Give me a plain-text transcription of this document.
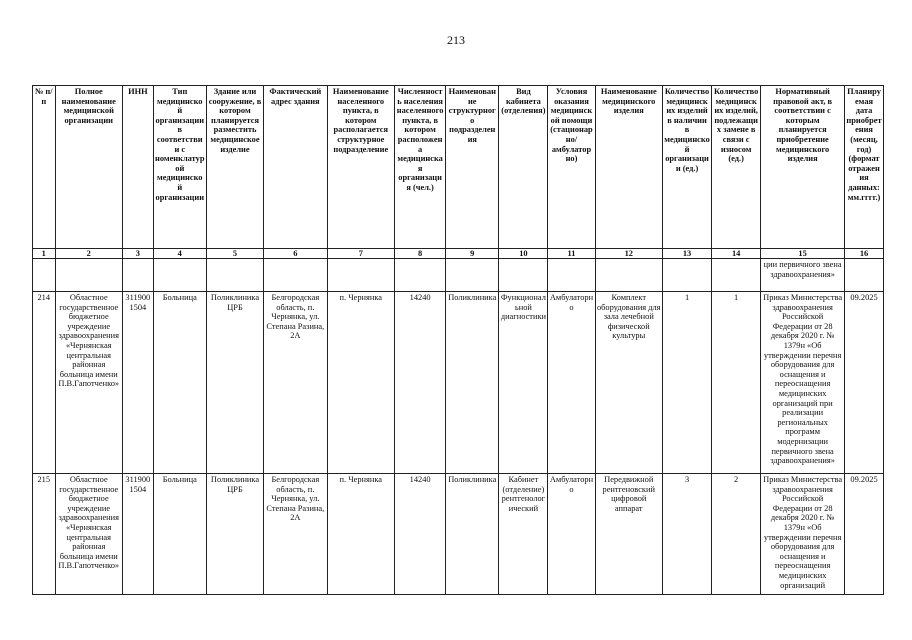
213
№ п/п	Полное наименование медицинской организации	ИНН	Тип медицинской организации в соответствии с номенклатурой медицинской организации	Здание или сооружение, в котором планируется разместить медицинское изделие	Фактический адрес здания	Наименование населенного пункта, в котором располагается структурное подразделение	Численность населения населенного пункта, в котором расположена медицинская организация (чел.)	Наименование структурного подразделения	Вид кабинета (отделения)	Условия оказания медицинской помощи (стационарно/амбулаторно)	Наименование медицинского изделия	Количество медицинских изделий в наличии в медицинской организации (ед.)	Количество медицинских изделий, подлежащих замене в связи с износом (ед.)	Нормативный правовой акт, в соответствии с которым планируется приобретение медицинского изделия	Планируемая дата приобретения (месяц, год) (формат отражения данных: мм.гггг.)
1	2	3	4	5	6	7	8	9	10	11	12	13	14	15	16
														ции первичного звена здравоохранения»	
214	Областное государственное бюджетное учреждение здравоохранения «Чернянская центральная районная больница имени П.В.Гапотченко»	3119001504	Больница	Поликлиника ЦРБ	Белгородская область, п. Чернянка, ул. Степана Разина, 2А	п. Чернянка	14240	Поликлиника	Функциональной диагностики	Амбулаторно	Комплект оборудования для зала лечебной физической культуры	1	1	Приказ Министерства здравоохранения Российской Федерации от 28 декабря 2020 г. № 1379н «Об утверждении перечня оборудования для оснащения и переоснащения медицинских организаций при реализации региональных программ модернизации первичного звена здравоохранения»	09.2025
215	Областное государственное бюджетное учреждение здравоохранения «Чернянская центральная районная больница имени П.В.Гапотченко»	3119001504	Больница	Поликлиника ЦРБ	Белгородская область, п. Чернянка, ул. Степана Разина, 2А	п. Чернянка	14240	Поликлиника	Кабинет (отделение) рентгенологический	Амбулаторно	Передвижной рентгеновский цифровой аппарат	3	2	Приказ Министерства здравоохранения Российской Федерации от 28 декабря 2020 г. № 1379н «Об утверждении перечня оборудования для оснащения и переоснащения медицинских организаций	09.2025
